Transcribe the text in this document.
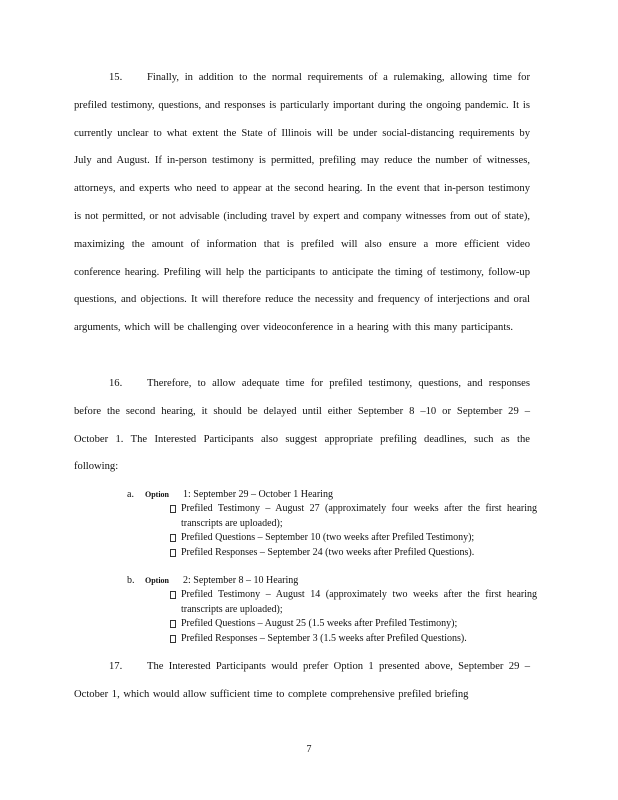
15. Finally, in addition to the normal requirements of a rulemaking, allowing time for prefiled testimony, questions, and responses is particularly important during the ongoing pandemic. It is currently unclear to what extent the State of Illinois will be under social-distancing requirements by July and August. If in-person testimony is permitted, prefiling may reduce the number of witnesses, attorneys, and experts who need to appear at the second hearing. In the event that in-person testimony is not permitted, or not advisable (including travel by expert and company witnesses from out of state), maximizing the amount of information that is prefiled will also ensure a more efficient video conference hearing. Prefiling will help the participants to anticipate the timing of testimony, follow-up questions, and objections. It will therefore reduce the necessity and frequency of interjections and oral arguments, which will be challenging over videoconference in a hearing with this many participants.
16. Therefore, to allow adequate time for prefiled testimony, questions, and responses before the second hearing, it should be delayed until either September 8 –10 or September 29 – October 1. The Interested Participants also suggest appropriate prefiling deadlines, such as the following:
a. Option 1: September 29 – October 1 Hearing
Prefiled Testimony – August 27 (approximately four weeks after the first hearing transcripts are uploaded);
Prefiled Questions – September 10 (two weeks after Prefiled Testimony);
Prefiled Responses – September 24 (two weeks after Prefiled Questions).
b. Option 2: September 8 – 10 Hearing
Prefiled Testimony – August 14 (approximately two weeks after the first hearing transcripts are uploaded);
Prefiled Questions – August 25 (1.5 weeks after Prefiled Testimony);
Prefiled Responses – September 3 (1.5 weeks after Prefiled Questions).
17. The Interested Participants would prefer Option 1 presented above, September 29 – October 1, which would allow sufficient time to complete comprehensive prefiled briefing
7
